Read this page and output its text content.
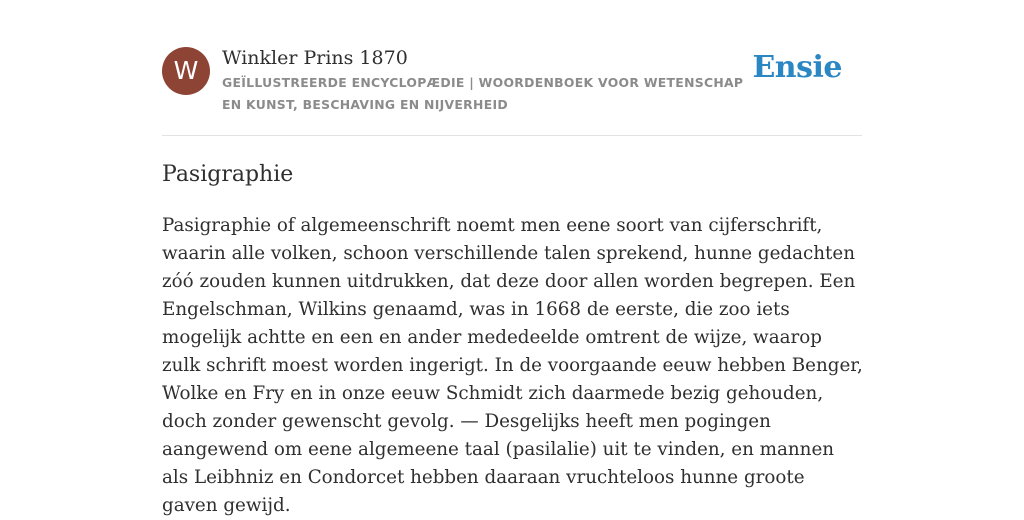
W	Winkler Prins 1870

GEÏLLUSTREERDE ENCYCLOPÆDIE | WOORDENBOEK VOOR WETENSCHAP EN KUNST, BESCHAVING EN NIJVERHEID

Ensie
Pasigraphie

Pasigraphie of algemeenschrift noemt men eene soort van cijferschrift, waarin alle volken, schoon verschillende talen sprekend, hunne gedachten zóó zouden kunnen uitdrukken, dat deze door allen worden begrepen. Een Engelschman, Wilkins genaamd, was in 1668 de eerste, die zoo iets mogelijk achtte en een en ander mededeelde omtrent de wijze, waarop zulk schrift moest worden ingerigt. In de voorgaande eeuw hebben Benger, Wolke en Fry en in onze eeuw Schmidt zich daarmede bezig gehouden, doch zonder gewenscht gevolg. — Desgelijks heeft men pogingen aangewend om eene algemeene taal (pasilalie) uit te vinden, en mannen als Leibhniz en Condorcet hebben daaraan vruchteloos hunne groote gaven gewijd.
